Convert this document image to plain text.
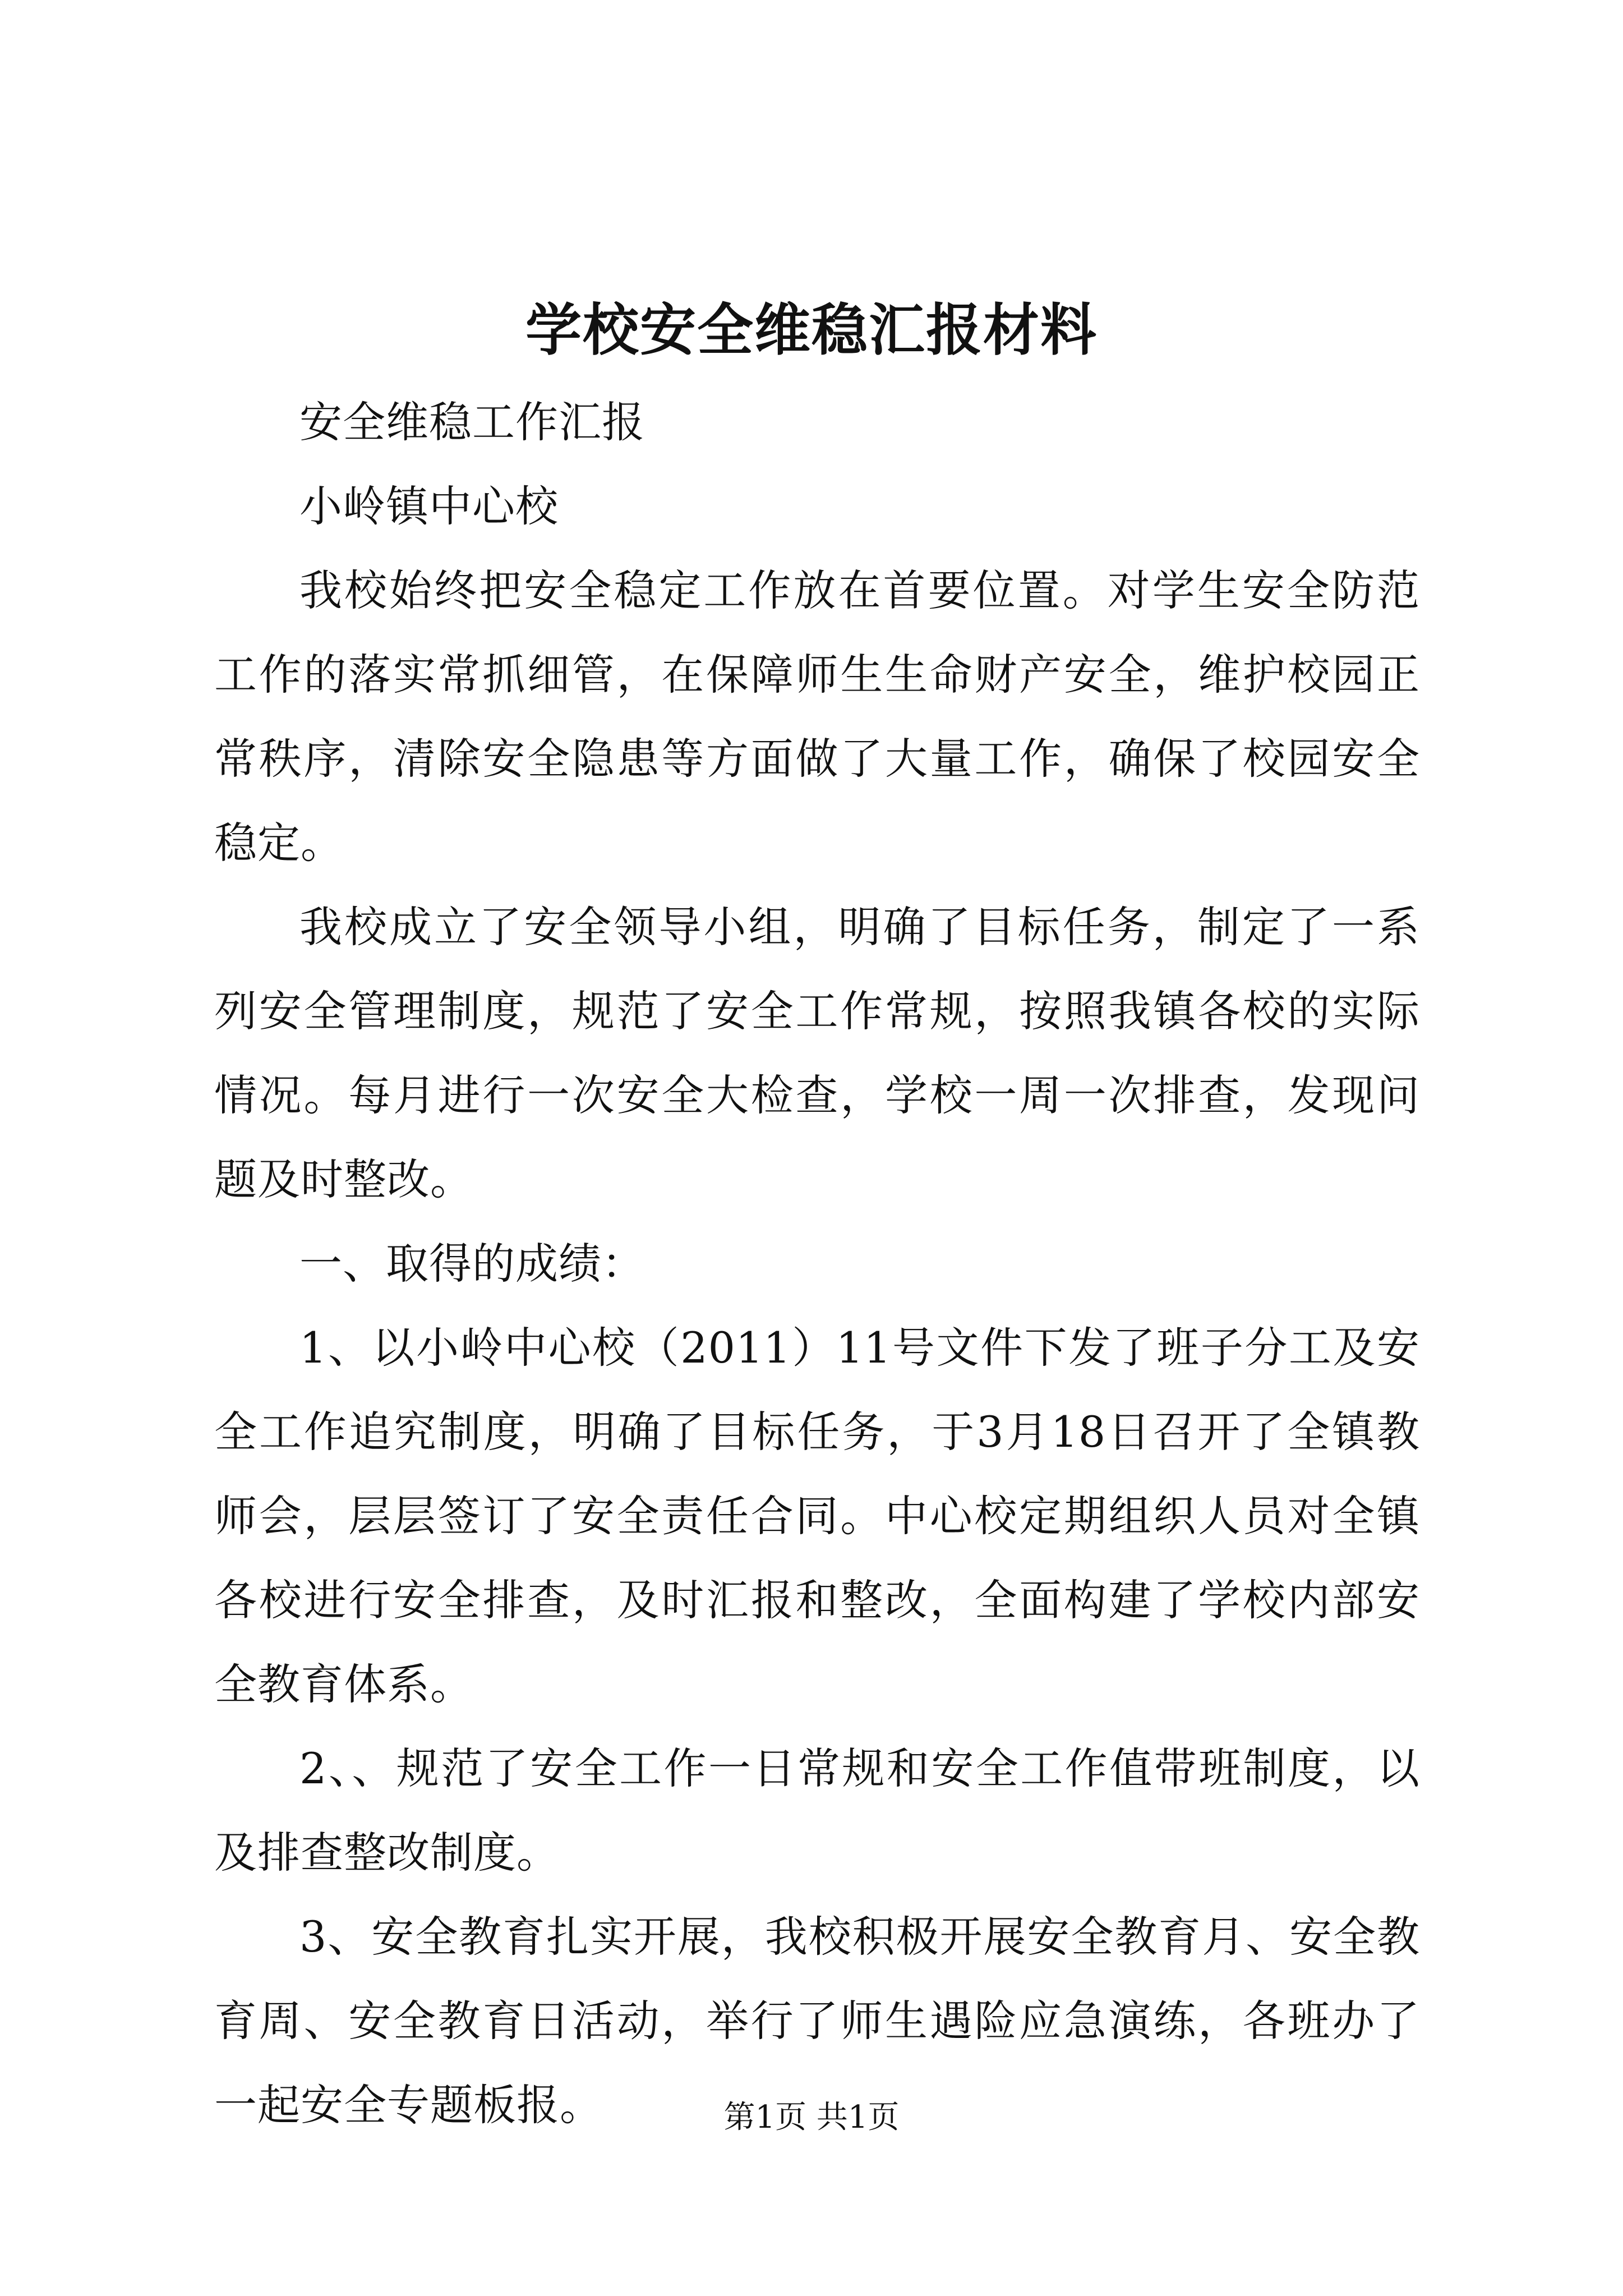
学校安全维稳汇报材料

安全维稳工作汇报

小岭镇中心校

我校始终把安全稳定工作放在首要位置。对学生安全防范工作的落实常抓细管，在保障师生生命财产安全，维护校园正常秩序，清除安全隐患等方面做了大量工作，确保了校园安全稳定。

我校成立了安全领导小组，明确了目标任务，制定了一系列安全管理制度，规范了安全工作常规，按照我镇各校的实际情况。每月进行一次安全大检查，学校一周一次排查，发现问题及时整改。

一、取得的成绩：

1、以小岭中心校（2011）11号文件下发了班子分工及安全工作追究制度，明确了目标任务，于3月18日召开了全镇教师会，层层签订了安全责任合同。中心校定期组织人员对全镇各校进行安全排查，及时汇报和整改，全面构建了学校内部安全教育体系。

2、、规范了安全工作一日常规和安全工作值带班制度，以及排查整改制度。

3、安全教育扎实开展，我校积极开展安全教育月、安全教育周、安全教育日活动，举行了师生遇险应急演练，各班办了一起安全专题板报。	第1页 共1页
